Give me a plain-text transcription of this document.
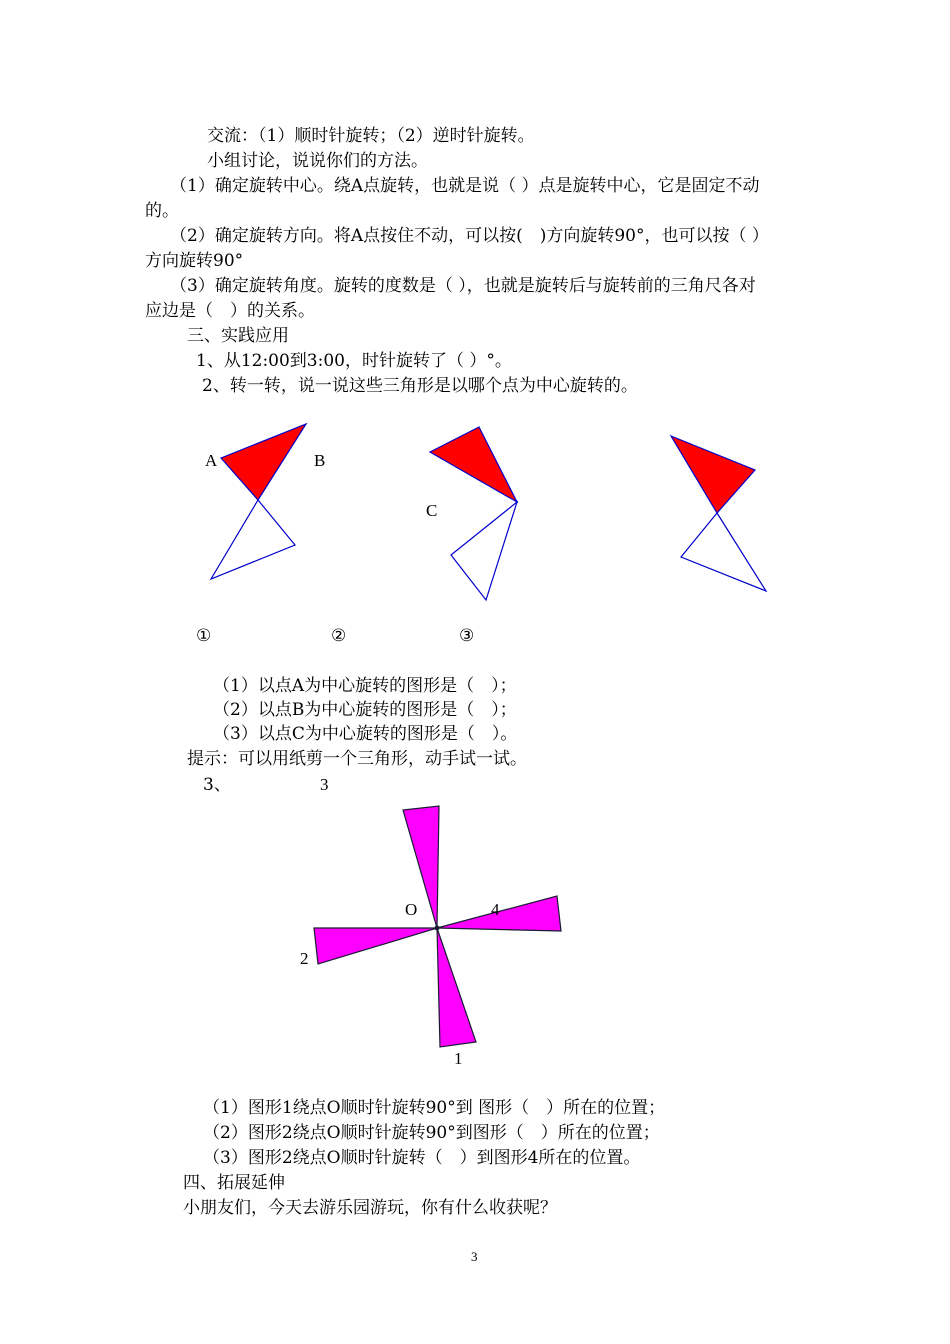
交流：（1）顺时针旋转；（2）逆时针旋转。
小组讨论，说说你们的方法。
（1）确定旋转中心。绕A点旋转，也就是说（ ）点是旋转中心，它是固定不动
的。
（2）确定旋转方向。将A点按住不动，可以按(　)方向旋转90°，也可以按（ ）
方向旋转90°
（3）确定旋转角度。旋转的度数是（ ），也就是旋转后与旋转前的三角尺各对
应边是（　）的关系。
三、实践应用
1、从12:00到3:00，时针旋转了（ ）°。
2、转一转，说一说这些三角形是以哪个点为中心旋转的。
A	B
C
①	②	③
（1）以点A为中心旋转的图形是（　）；
（2）以点B为中心旋转的图形是（　）；
（3）以点C为中心旋转的图形是（　）。
提示：可以用纸剪一个三角形，动手试一试。
3、	3
O	4
2
1
（1）图形1绕点O顺时针旋转90°到 图形（　）所在的位置；
（2）图形2绕点O顺时针旋转90°到图形（　）所在的位置；
（3）图形2绕点O顺时针旋转（　）到图形4所在的位置。
四、拓展延伸
小朋友们，今天去游乐园游玩，你有什么收获呢？
3
